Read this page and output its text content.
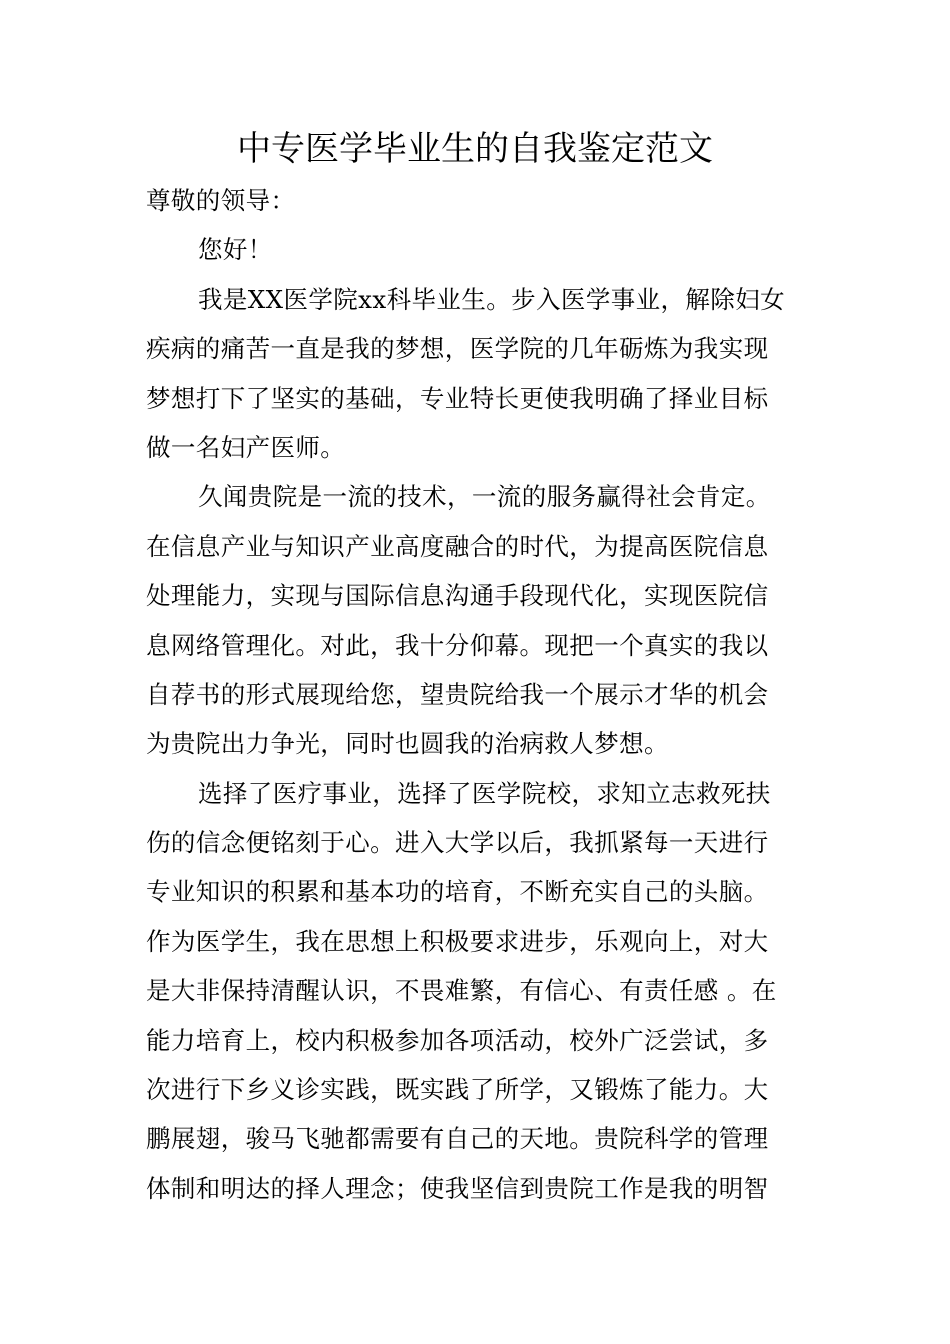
中专医学毕业生的自我鉴定范文
尊敬的领导：
您好！
我是XX医学院xx科毕业生。步入医学事业，解除妇女
疾病的痛苦一直是我的梦想，医学院的几年砺炼为我实现
梦想打下了坚实的基础，专业特长更使我明确了择业目标
做一名妇产医师。
久闻贵院是一流的技术，一流的服务赢得社会肯定。
在信息产业与知识产业高度融合的时代，为提高医院信息
处理能力，实现与国际信息沟通手段现代化，实现医院信
息网络管理化。对此，我十分仰幕。现把一个真实的我以
自荐书的形式展现给您，望贵院给我一个展示才华的机会
为贵院出力争光，同时也圆我的治病救人梦想。
选择了医疗事业，选择了医学院校，求知立志救死扶
伤的信念便铭刻于心。进入大学以后，我抓紧每一天进行
专业知识的积累和基本功的培育，不断充实自己的头脑。
作为医学生，我在思想上积极要求进步，乐观向上，对大
是大非保持清醒认识，不畏难繁，有信心、有责任感 。在
能力培育上，校内积极参加各项活动，校外广泛尝试，多
次进行下乡义诊实践，既实践了所学，又锻炼了能力。大
鹏展翅，骏马飞驰都需要有自己的天地。贵院科学的管理
体制和明达的择人理念；使我坚信到贵院工作是我的明智
